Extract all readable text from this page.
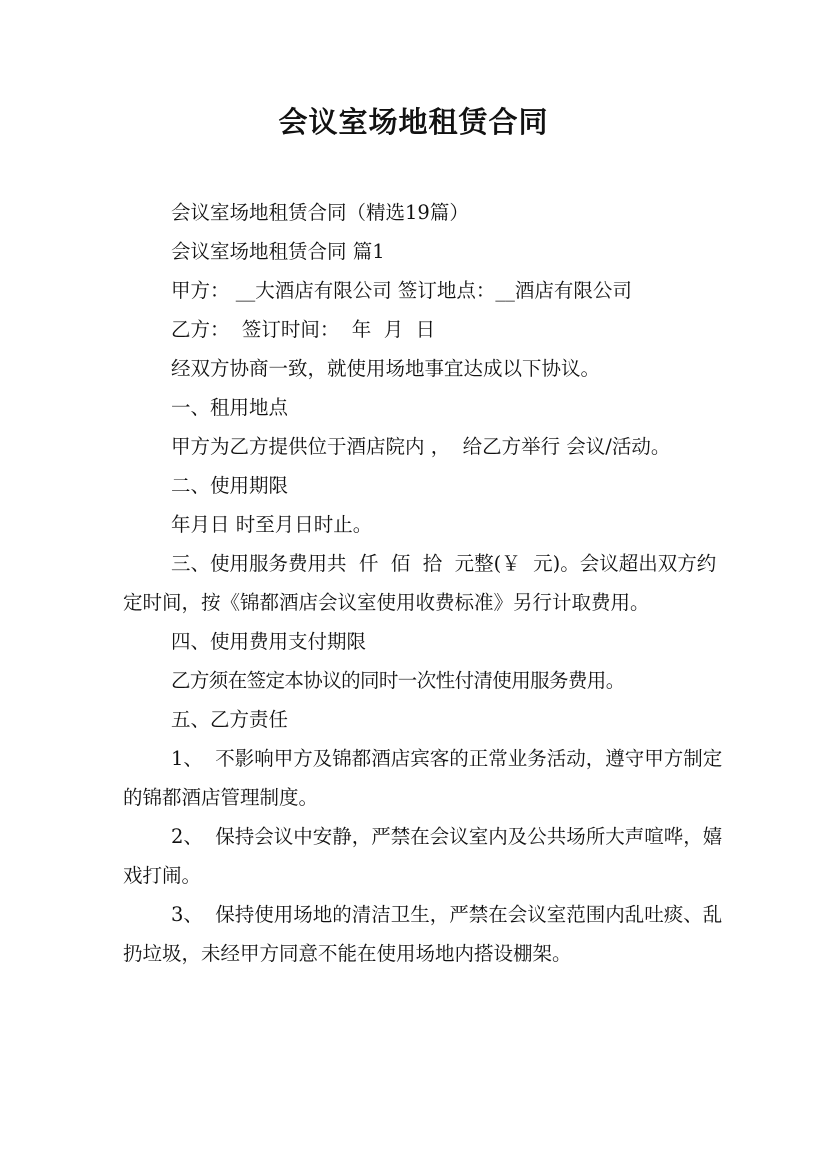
会议室场地租赁合同

会议室场地租赁合同（精选19篇）

会议室场地租赁合同 篇1

甲方： __大酒店有限公司 签订地点：__酒店有限公司

乙方：  签订时间：  年  月  日

经双方协商一致，就使用场地事宜达成以下协议。

一、租用地点

甲方为乙方提供位于酒店院内 ，  给乙方举行 会议/活动。

二、使用期限

年月日 时至月日时止。

三、使用服务费用共  仟  佰  拾  元整(￥  元)。会议超出双方约定时间，按《锦都酒店会议室使用收费标准》另行计取费用。

四、使用费用支付期限

乙方须在签定本协议的同时一次性付清使用服务费用。

五、乙方责任

1、  不影响甲方及锦都酒店宾客的正常业务活动，遵守甲方制定的锦都酒店管理制度。

2、  保持会议中安静，严禁在会议室内及公共场所大声喧哗，嬉戏打闹。

3、  保持使用场地的清洁卫生，严禁在会议室范围内乱吐痰、乱扔垃圾，未经甲方同意不能在使用场地内搭设棚架。
